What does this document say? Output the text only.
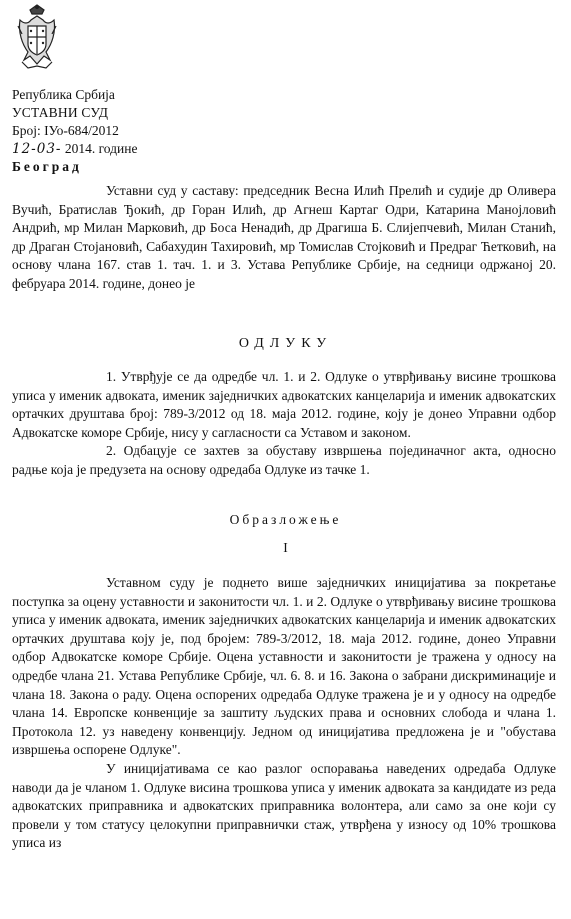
Република Србија
УСТАВНИ СУД
Број: IУо-684/2012
12-03- 2014. године
Београд

Уставни суд у саставу: председник Весна Илић Прелић и судије др Оливера Вучић, Братислав Ђокић, др Горан Илић, др Агнеш Картаг Одри, Катарина Манојловић Андрић, мр Милан Марковић, др Боса Ненадић, др Драгиша Б. Слијепчевић, Милан Станић, др Драган Стојановић, Сабахудин Тахировић, мр Томислав Стојковић и Предраг Ћетковић, на основу члана 167. став 1. тач. 1. и 3. Устава Републике Србије, на седници одржаној 20. фебруара 2014. године, донео је

ОДЛУКУ

1. Утврђује се да одредбе чл. 1. и 2. Одлуке о утврђивању висине трошкова уписа у именик адвоката, именик заједничких адвокатских канцеларија и именик адвокатских ортачких друштава број: 789-3/2012 од 18. маја 2012. године, коју је донео Управни одбор Адвокатске коморе Србије, нису у сагласности са Уставом и законом.

2. Одбацује се захтев за обуставу извршења појединачног акта, односно радње која је предузета на основу одредаба Одлуке из тачке 1.

Образложење
I

Уставном суду је поднето више заједничких иницијатива за покретање поступка за оцену уставности и законитости чл. 1. и 2. Одлуке о утврђивању висине трошкова уписа у именик адвоката, именик заједничких адвокатских канцеларија и именик адвокатских ортачких друштава коју је, под бројем: 789-3/2012, 18. маја 2012. године, донео Управни одбор Адвокатске коморе Србије. Оцена уставности и законитости је тражена у односу на одредбе члана 21. Устава Републике Србије, чл. 6. 8. и 16. Закона о забрани дискриминације и члана 18. Закона о раду. Оцена оспорених одредаба Одлуке тражена је и у односу на одредбе члана 14. Европске конвенције за заштиту људских права и основних слобода и члана 1. Протокола 12. уз наведену конвенцију. Једном од иницијатива предложена је и "обустава извршења оспорене Одлуке".

У иницијативама се као разлог оспоравања наведених одредаба Одлуке наводи да је чланом 1. Одлуке висина трошкова уписа у именик адвоката за кандидате из реда адвокатских приправника и адвокатских приправника волонтера, али само за оне који су провели у том статусу целокупни приправнички стаж, утврђена у износу од 10% трошкова уписа из
